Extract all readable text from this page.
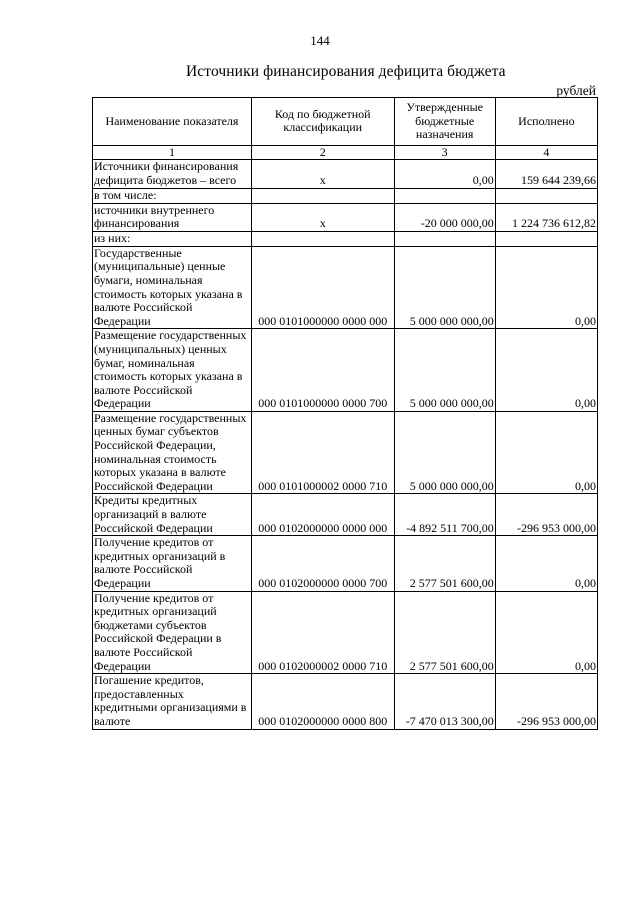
144
Источники финансирования дефицита бюджета
рублей
Наименование показателя	Код по бюджетной классификации	Утвержденные бюджетные назначения	Исполнено
1	2	3	4
Источники финансирования дефицита бюджетов – всего	x	0,00	159 644 239,66
в том числе:			
источники внутреннего финансирования	x	-20 000 000,00	1 224 736 612,82
из них:			
Государственные (муниципальные) ценные бумаги, номинальная стоимость которых указана в валюте Российской Федерации	000 0101000000 0000 000	5 000 000 000,00	0,00
Размещение государственных (муниципальных) ценных бумаг, номинальная стоимость которых указана в валюте Российской Федерации	000 0101000000 0000 700	5 000 000 000,00	0,00
Размещение государственных ценных бумаг субъектов Российской Федерации, номинальная стоимость которых указана в валюте Российской Федерации	000 0101000002 0000 710	5 000 000 000,00	0,00
Кредиты кредитных организаций в валюте Российской Федерации	000 0102000000 0000 000	-4 892 511 700,00	-296 953 000,00
Получение кредитов от кредитных организаций в валюте Российской Федерации	000 0102000000 0000 700	2 577 501 600,00	0,00
Получение кредитов от кредитных организаций бюджетами субъектов Российской Федерации в валюте Российской Федерации	000 0102000002 0000 710	2 577 501 600,00	0,00
Погашение кредитов, предоставленных кредитными организациями в валюте	000 0102000000 0000 800	-7 470 013 300,00	-296 953 000,00
